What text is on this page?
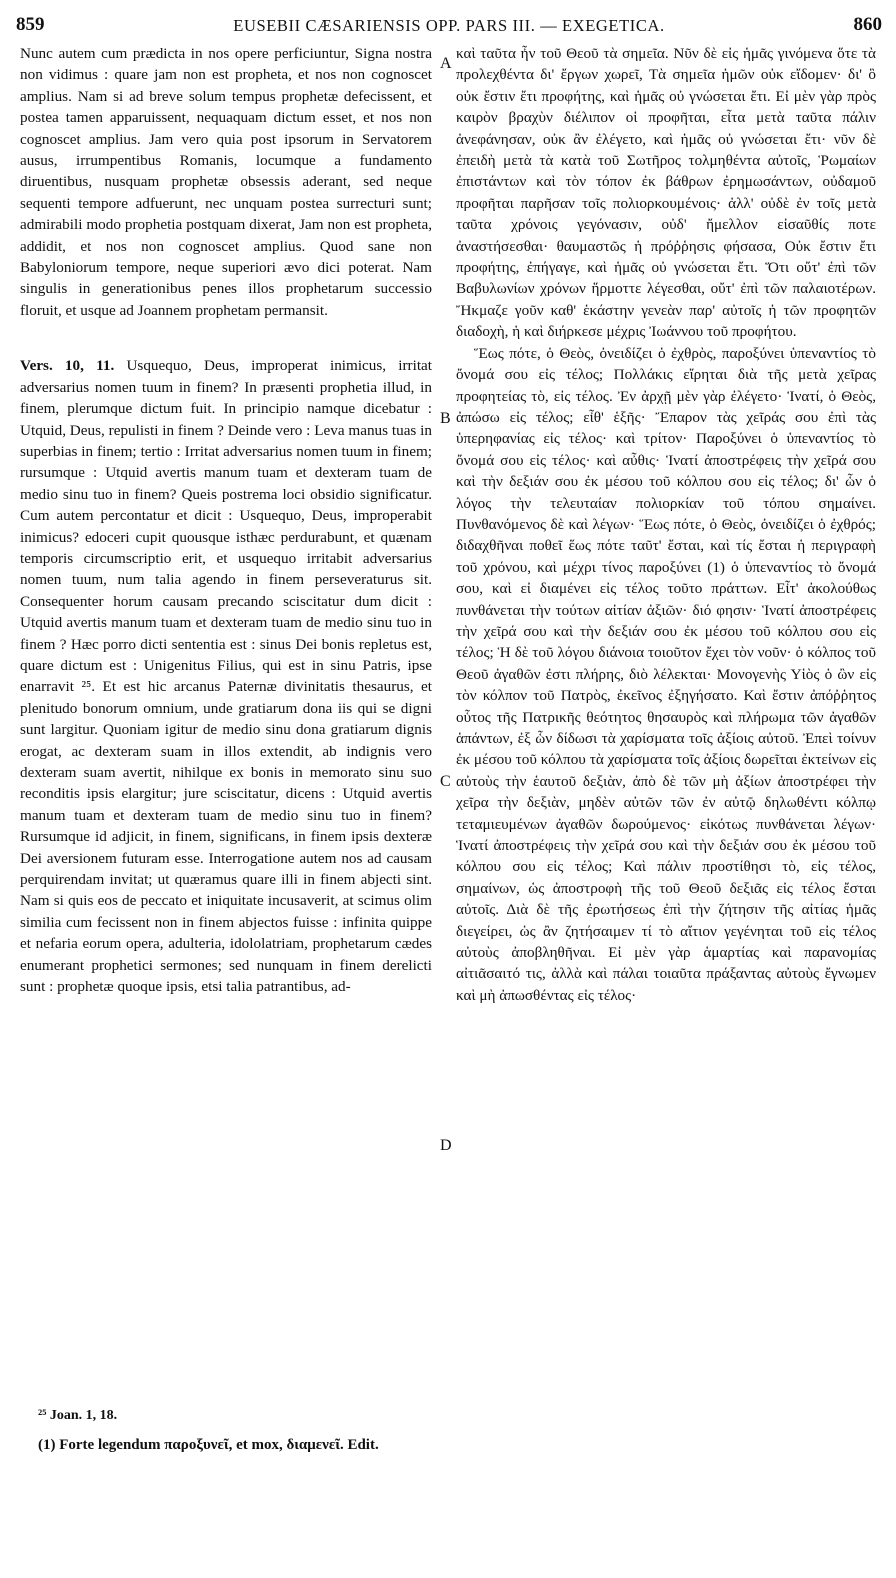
859	EUSEBII CÆSARIENSIS OPP. PARS III. — EXEGETICA.	860

Nunc autem cum prædicta in nos opere perficiuntur, Signa nostra non vidimus : quare jam non est propheta, et nos non cognoscet amplius. Nam si ad breve solum tempus prophetæ defecissent, et postea tamen apparuissent, nequaquam dictum esset, et nos non cognoscet amplius. Jam vero quia post ipsorum in Servatorem ausus, irrumpentibus Romanis, locumque a fundamento diruentibus, nusquam prophetæ obsessis aderant, sed neque sequenti tempore adfuerunt, nec unquam postea surrecturi sunt; admirabili modo prophetia postquam dixerat, Jam non est propheta, addidit, et nos non cognoscet amplius. Quod sane non Babyloniorum tempore, neque superiori ævo dici poterat. Nam singulis in generationibus penes illos prophetarum successio floruit, et usque ad Joannem prophetam permansit.

Vers. 10, 11. Usquequo, Deus, improperat inimicus, irritat adversarius nomen tuum in finem? In præsenti prophetia illud, in finem, plerumque dictum fuit. In principio namque dicebatur : Utquid, Deus, repulisti in finem ? Deinde vero : Leva manus tuas in superbias in finem; tertio : Irritat adversarius nomen tuum in finem; rursumque : Utquid avertis manum tuam et dexteram tuam de medio sinu tuo in finem? Queis postrema loci obsidio significatur. Cum autem percontatur et dicit : Usquequo, Deus, improperabit inimicus? edoceri cupit quousque isthæc perdurabunt, et quænam temporis circumscriptio erit, et usquequo irritabit adversarius nomen tuum, num talia agendo in finem perseveraturus sit. Consequenter horum causam precando sciscitatur dum dicit : Utquid avertis manum tuam et dexteram tuam de medio sinu tuo in finem ? Hæc porro dicti sententia est : sinus Dei bonis repletus est, quare dictum est : Unigenitus Filius, qui est in sinu Patris, ipse enarravit ²⁵. Et est hic arcanus Paternæ divinitatis thesaurus, et plenitudo bonorum omnium, unde gratiarum dona iis qui se digni sunt largitur. Quoniam igitur de medio sinu dona gratiarum dignis erogat, ac dexteram suam in illos extendit, ab indignis vero dexteram suam avertit, nihilque ex bonis in memorato sinu suo reconditis ipsis elargitur; jure sciscitatur, dicens : Utquid avertis manum tuam et dexteram tuam de medio sinu tuo in finem? Rursumque id adjicit, in finem, significans, in finem ipsis dexteræ Dei aversionem futuram esse. Interrogatione autem nos ad causam perquirendam invitat; ut quæramus quare illi in finem abjecti sint. Nam si quis eos de peccato et iniquitate incusaverit, at scimus olim similia cum fecissent non in finem abjectos fuisse : infinita quippe et nefaria eorum opera, adulteria, idololatriam, prophetarum cædes enumerant prophetici sermones; sed nunquam in finem derelicti sunt : prophetæ quoque ipsis, etsi talia patrantibus, ad-

καὶ ταῦτα ἦν τοῦ Θεοῦ τὰ σημεῖα. Νῦν δὲ εἰς ἡμᾶς γινόμενα ὅτε τὰ προλεχθέντα δι' ἔργων χωρεῖ, Τὰ σημεῖα ἡμῶν οὐκ εἴδομεν· δι' ὃ οὐκ ἔστιν ἔτι προφήτης, καὶ ἡμᾶς οὐ γνώσεται ἔτι. Εἰ μὲν γὰρ πρὸς καιρὸν βραχὺν διέλιπον οἱ προφῆται, εἶτα μετὰ ταῦτα πάλιν ἀνεφάνησαν, οὐκ ἂν ἐλέγετο, καὶ ἡμᾶς οὐ γνώσεται ἔτι· νῦν δὲ ἐπειδὴ μετὰ τὰ κατὰ τοῦ Σωτῆρος τολμηθέντα αὐτοῖς, Ῥωμαίων ἐπιστάντων καὶ τὸν τόπον ἐκ βάθρων ἐρημωσάντων, οὐδαμοῦ προφῆται παρῆσαν τοῖς πολιορκουμένοις· ἀλλ' οὐδὲ ἐν τοῖς μετὰ ταῦτα χρόνοις γεγόνασιν, οὐδ' ἤμελλον εἰσαῦθίς ποτε ἀναστήσεσθαι· θαυμαστῶς ἡ πρόῤῥησις φήσασα, Οὐκ ἔστιν ἔτι προφήτης, ἐπήγαγε, καὶ ἡμᾶς οὐ γνώσεται ἔτι. Ὅτι οὔτ' ἐπὶ τῶν Βαβυλωνίων χρόνων ἥρμοττε λέγεσθαι, οὔτ' ἐπὶ τῶν παλαιοτέρων. Ἤκμαζε γοῦν καθ' ἑκάστην γενεὰν παρ' αὐτοῖς ἡ τῶν προφητῶν διαδοχὴ, ἡ καὶ διήρκεσε μέχρις Ἰωάννου τοῦ προφήτου.

Ἕως πότε, ὁ Θεὸς, ὀνειδίζει ὁ ἐχθρὸς, παροξύνει ὑπεναντίος τὸ ὄνομά σου εἰς τέλος; Πολλάκις εἴρηται διὰ τῆς μετὰ χεῖρας προφητείας τὸ, εἰς τέλος. Ἐν ἀρχῇ μὲν γὰρ ἐλέγετο· Ἱνατί, ὁ Θεὸς, ἀπώσω εἰς τέλος; εἶθ' ἑξῆς· Ἔπαρον τὰς χεῖράς σου ἐπὶ τὰς ὑπερηφανίας εἰς τέλος· καὶ τρίτον· Παροξύνει ὁ ὑπεναντίος τὸ ὄνομά σου εἰς τέλος· καὶ αὖθις· Ἱνατί ἀποστρέφεις τὴν χεῖρά σου καὶ τὴν δεξιάν σου ἐκ μέσου τοῦ κόλπου σου εἰς τέλος; δι' ὧν ὁ λόγος τὴν τελευταίαν πολιορκίαν τοῦ τόπου σημαίνει. Πυνθανόμενος δὲ καὶ λέγων· Ἕως πότε, ὁ Θεὸς, ὀνειδίζει ὁ ἐχθρός; διδαχθῆναι ποθεῖ ἕως πότε ταῦτ' ἔσται, καὶ τίς ἔσται ἡ περιγραφὴ τοῦ χρόνου, καὶ μέχρι τίνος παροξύνει (1) ὁ ὑπεναντίος τὸ ὄνομά σου, καὶ εἰ διαμένει εἰς τέλος τοῦτο πράττων. Εἶτ' ἀκολούθως πυνθάνεται τὴν τούτων αἰτίαν ἀξιῶν· διό φησιν· Ἱνατί ἀποστρέφεις τὴν χεῖρά σου καὶ τὴν δεξιάν σου ἐκ μέσου τοῦ κόλπου σου εἰς τέλος; Ἡ δὲ τοῦ λόγου διάνοια τοιοῦτον ἔχει τὸν νοῦν· ὁ κόλπος τοῦ Θεοῦ ἀγαθῶν ἐστι πλήρης, διὸ λέλεκται· Μονογενὴς Υἱὸς ὁ ὢν εἰς τὸν κόλπον τοῦ Πατρὸς, ἐκεῖνος ἐξηγήσατο. Καὶ ἔστιν ἀπόῤῥητος οὗτος τῆς Πατρικῆς θεότητος θησαυρὸς καὶ πλήρωμα τῶν ἀγαθῶν ἁπάντων, ἐξ ὧν δίδωσι τὰ χαρίσματα τοῖς ἀξίοις αὐτοῦ. Ἐπεὶ τοίνυν ἐκ μέσου τοῦ κόλπου τὰ χαρίσματα τοῖς ἀξίοις δωρεῖται ἐκτείνων εἰς αὐτοὺς τὴν ἑαυτοῦ δεξιὰν, ἀπὸ δὲ τῶν μὴ ἀξίων ἀποστρέφει τὴν χεῖρα τὴν δεξιὰν, μηδὲν αὐτῶν τῶν ἐν αὐτῷ δηλωθέντι κόλπῳ τεταμιευμένων ἀγαθῶν δωρούμενος· εἰκότως πυνθάνεται λέγων· Ἱνατί ἀποστρέφεις τὴν χεῖρά σου καὶ τὴν δεξιάν σου ἐκ μέσου τοῦ κόλπου σου εἰς τέλος; Καὶ πάλιν προστίθησι τὸ, εἰς τέλος, σημαίνων, ὡς ἀποστροφὴ τῆς τοῦ Θεοῦ δεξιᾶς εἰς τέλος ἔσται αὐτοῖς. Διὰ δὲ τῆς ἐρωτήσεως ἐπὶ τὴν ζήτησιν τῆς αἰτίας ἡμᾶς διεγείρει, ὡς ἂν ζητήσαιμεν τί τὸ αἴτιον γεγένηται τοῦ εἰς τέλος αὐτοὺς ἀποβληθῆναι. Εἰ μὲν γὰρ ἁμαρτίας καὶ παρανομίας αἰτιᾶσαιτό τις, ἀλλὰ καὶ πάλαι τοιαῦτα πράξαντας αὐτοὺς ἔγνωμεν καὶ μὴ ἀπωσθέντας εἰς τέλος·

A
B
C
D
²⁵ Joan. 1, 18.
(1) Forte legendum παροξυνεῖ, et mox, διαμενεῖ. Edit.
